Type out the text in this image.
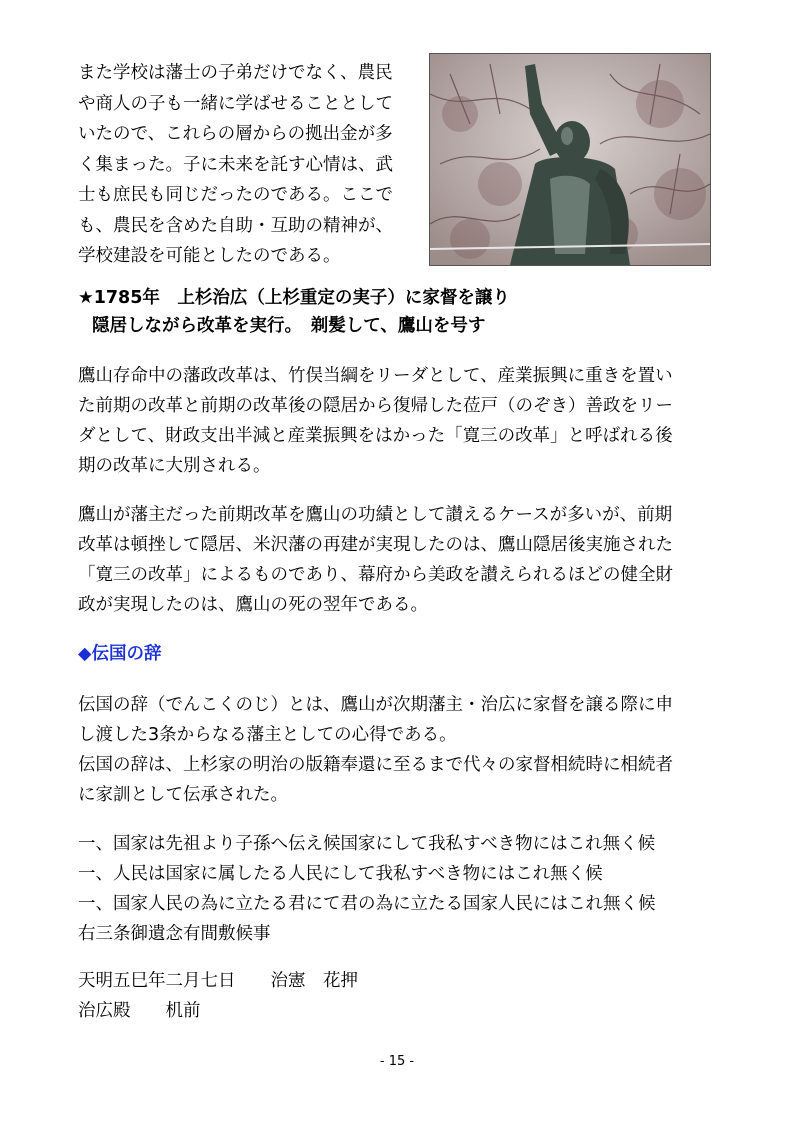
また学校は藩士の子弟だけでなく、農民

や商人の子も一緒に学ばせることとして

いたので、これらの層からの拠出金が多

く集まった。子に未来を託す心情は、武

士も庶民も同じだったのである。ここで

も、農民を含めた自助・互助の精神が、

学校建設を可能としたのである。

★1785年　上杉治広（上杉重定の実子）に家督を譲り
隠居しながら改革を実行。　剃髪して、鷹山を号す
鷹山存命中の藩政改革は、竹俣当綱をリーダとして、産業振興に重きを置い
た前期の改革と前期の改革後の隠居から復帰した莅戸（のぞき）善政をリー
ダとして、財政支出半減と産業振興をはかった「寛三の改革」と呼ばれる後
期の改革に大別される。
鷹山が藩主だった前期改革を鷹山の功績として讃えるケースが多いが、前期
改革は頓挫して隠居、米沢藩の再建が実現したのは、鷹山隠居後実施された
「寛三の改革」によるものであり、幕府から美政を讃えられるほどの健全財
政が実現したのは、鷹山の死の翌年である。
◆伝国の辞
伝国の辞（でんこくのじ）とは、鷹山が次期藩主・治広に家督を譲る際に申
し渡した3条からなる藩主としての心得である。
伝国の辞は、上杉家の明治の版籍奉還に至るまで代々の家督相続時に相続者
に家訓として伝承された。
一、国家は先祖より子孫へ伝え候国家にして我私すべき物にはこれ無く候
一、人民は国家に属したる人民にして我私すべき物にはこれ無く候
一、国家人民の為に立たる君にて君の為に立たる国家人民にはこれ無く候
右三条御遺念有間敷候事
天明五巳年二月七日　　治憲　花押
治広殿　　机前
- 15 -
